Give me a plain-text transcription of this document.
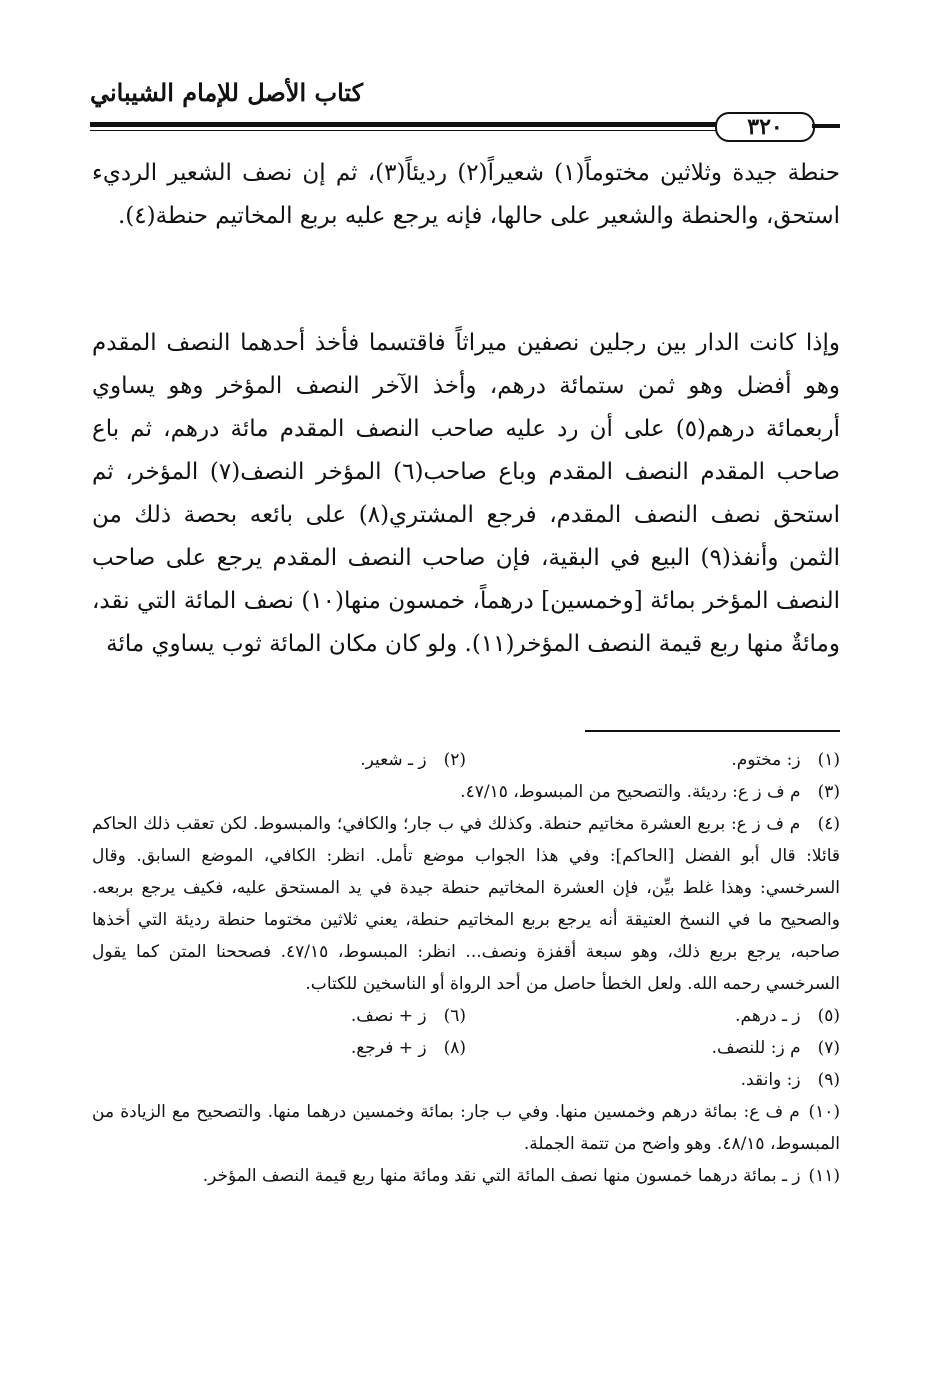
كتاب الأصل للإمام الشيباني
٣٢٠

حنطة جيدة وثلاثين مختوماً(١) شعيراً(٢) رديئاً(٣)، ثم إن نصف الشعير الرديء استحق، والحنطة والشعير على حالها، فإنه يرجع عليه بربع المخاتيم حنطة(٤).

وإذا كانت الدار بين رجلين نصفين ميراثاً فاقتسما فأخذ أحدهما النصف المقدم وهو أفضل وهو ثمن ستمائة درهم، وأخذ الآخر النصف المؤخر وهو يساوي أربعمائة درهم(٥) على أن رد عليه صاحب النصف المقدم مائة درهم، ثم باع صاحب المقدم النصف المقدم وباع صاحب(٦) المؤخر النصف(٧) المؤخر، ثم استحق نصف النصف المقدم، فرجع المشتري(٨) على بائعه بحصة ذلك من الثمن وأنفذ(٩) البيع في البقية، فإن صاحب النصف المقدم يرجع على صاحب النصف المؤخر بمائة [وخمسين] درهماً، خمسون منها(١٠) نصف المائة التي نقد، ومائةٌ منها ربع قيمة النصف المؤخر(١١). ولو كان مكان المائة ثوب يساوي مائة

(١) ز: مختوم.
(٢) ز ـ شعير.
(٣) م ف ز ع: رديئة. والتصحيح من المبسوط، ٤٧/١٥.
(٤) م ف ز ع: بربع العشرة مخاتيم حنطة. وكذلك في ب جار؛ والكافي؛ والمبسوط. لكن تعقب ذلك الحاكم قائلا: قال أبو الفضل [الحاكم]: وفي هذا الجواب موضع تأمل. انظر: الكافي، الموضع السابق. وقال السرخسي: وهذا غلط بيِّن، فإن العشرة المخاتيم حنطة جيدة في يد المستحق عليه، فكيف يرجع بربعه. والصحيح ما في النسخ العتيقة أنه يرجع بربع المخاتيم حنطة، يعني ثلاثين مختوما حنطة رديئة التي أخذها صاحبه، يرجع بربع ذلك، وهو سبعة أقفزة ونصف... انظر: المبسوط، ٤٧/١٥. فصححنا المتن كما يقول السرخسي رحمه الله. ولعل الخطأ حاصل من أحد الرواة أو الناسخين للكتاب.
(٥) ز ـ درهم.
(٦) ز + نصف.
(٧) م ز: للنصف.
(٨) ز + فرجع.
(٩) ز: وانقد.
(١٠) م ف ع: بمائة درهم وخمسين منها. وفي ب جار: بمائة وخمسين درهما منها. والتصحيح مع الزيادة من المبسوط، ٤٨/١٥. وهو واضح من تتمة الجملة.
(١١) ز ـ بمائة درهما خمسون منها نصف المائة التي نقد ومائة منها ربع قيمة النصف المؤخر.
